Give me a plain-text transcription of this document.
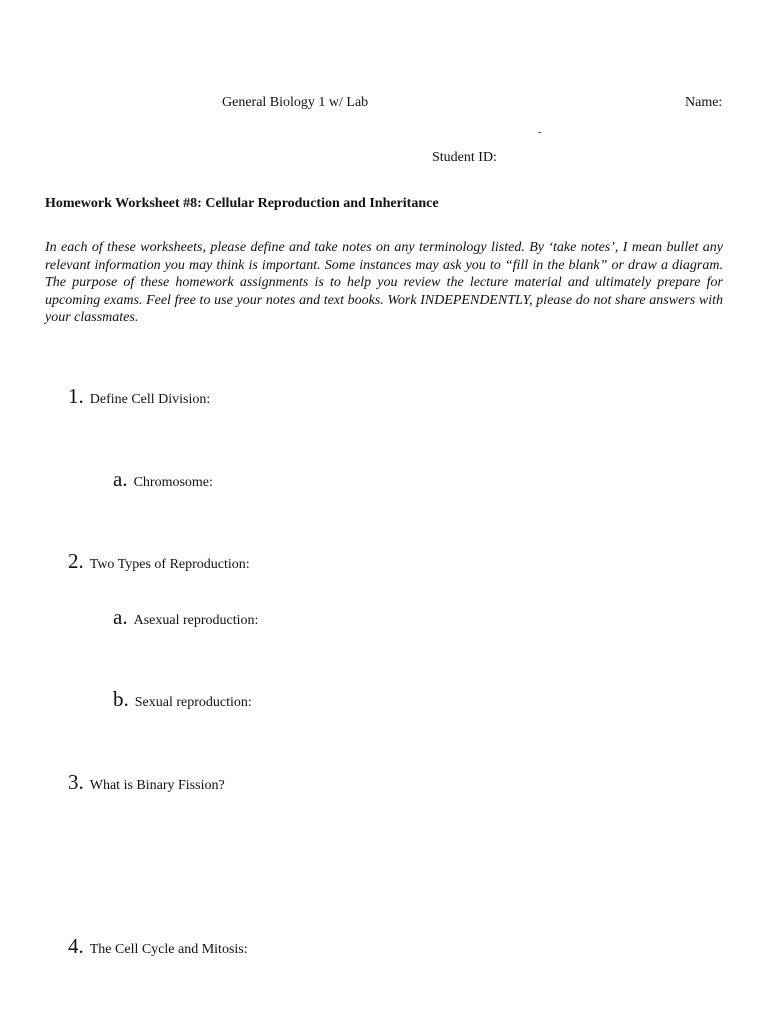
General Biology 1 w/ Lab	Name:
-
Student ID:
Homework Worksheet #8: Cellular Reproduction and Inheritance
In each of these worksheets, please define and take notes on any terminology listed. By ‘take notes’, I mean bullet any relevant information you may think is important. Some instances may ask you to “fill in the blank” or draw a diagram. The purpose of these homework assignments is to help you review the lecture material and ultimately prepare for upcoming exams. Feel free to use your notes and text books. Work INDEPENDENTLY, please do not share answers with your classmates.
1. Define Cell Division:
a. Chromosome:
2. Two Types of Reproduction:
a. Asexual reproduction:
b. Sexual reproduction:
3. What is Binary Fission?
4. The Cell Cycle and Mitosis:
